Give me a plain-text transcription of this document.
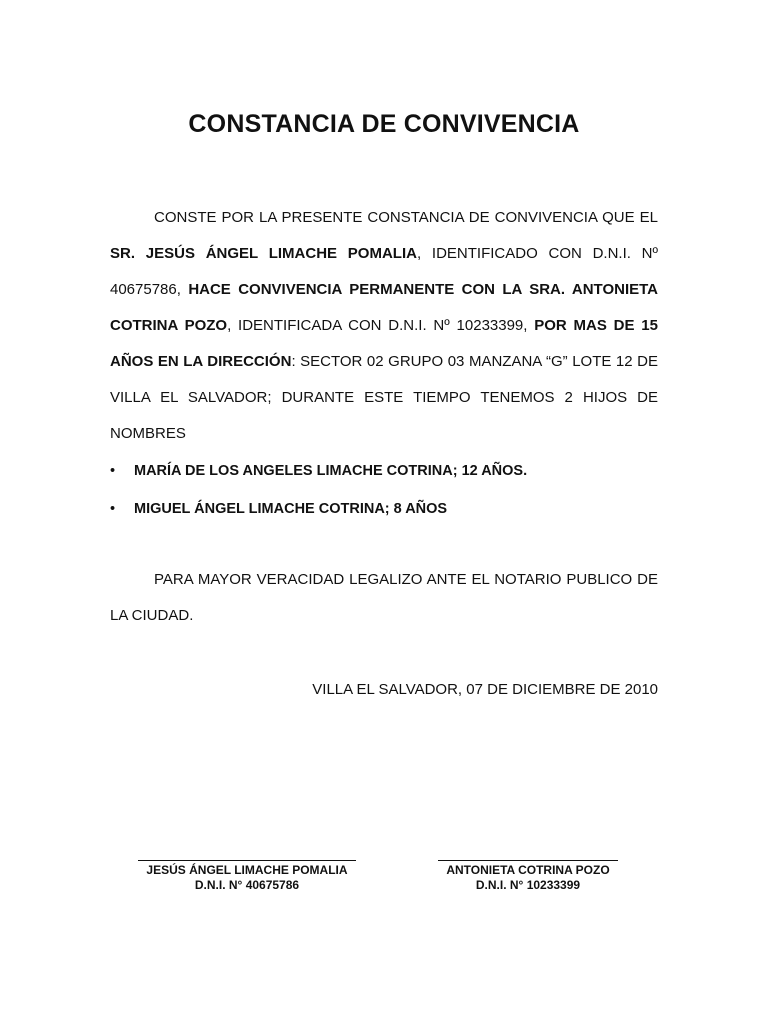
CONSTANCIA DE CONVIVENCIA

CONSTE POR LA PRESENTE CONSTANCIA DE CONVIVENCIA QUE EL SR. JESÚS ÁNGEL LIMACHE POMALIA, IDENTIFICADO CON D.N.I. Nº 40675786, HACE CONVIVENCIA PERMANENTE CON LA SRA. ANTONIETA COTRINA POZO, IDENTIFICADA CON D.N.I. Nº 10233399, POR MAS DE 15 AÑOS EN LA DIRECCIÓN: SECTOR 02 GRUPO 03 MANZANA “G” LOTE 12 DE VILLA EL SALVADOR; DURANTE ESTE TIEMPO TENEMOS 2 HIJOS DE NOMBRES

• MARÍA DE LOS ANGELES LIMACHE COTRINA; 12 AÑOS.
• MIGUEL ÁNGEL LIMACHE COTRINA; 8 AÑOS

PARA MAYOR VERACIDAD LEGALIZO ANTE EL NOTARIO PUBLICO DE LA CIUDAD.

VILLA EL SALVADOR, 07 DE DICIEMBRE DE 2010
JESÚS ÁNGEL LIMACHE POMALIA
D.N.I. N° 40675786
ANTONIETA COTRINA POZO
D.N.I. N° 10233399
